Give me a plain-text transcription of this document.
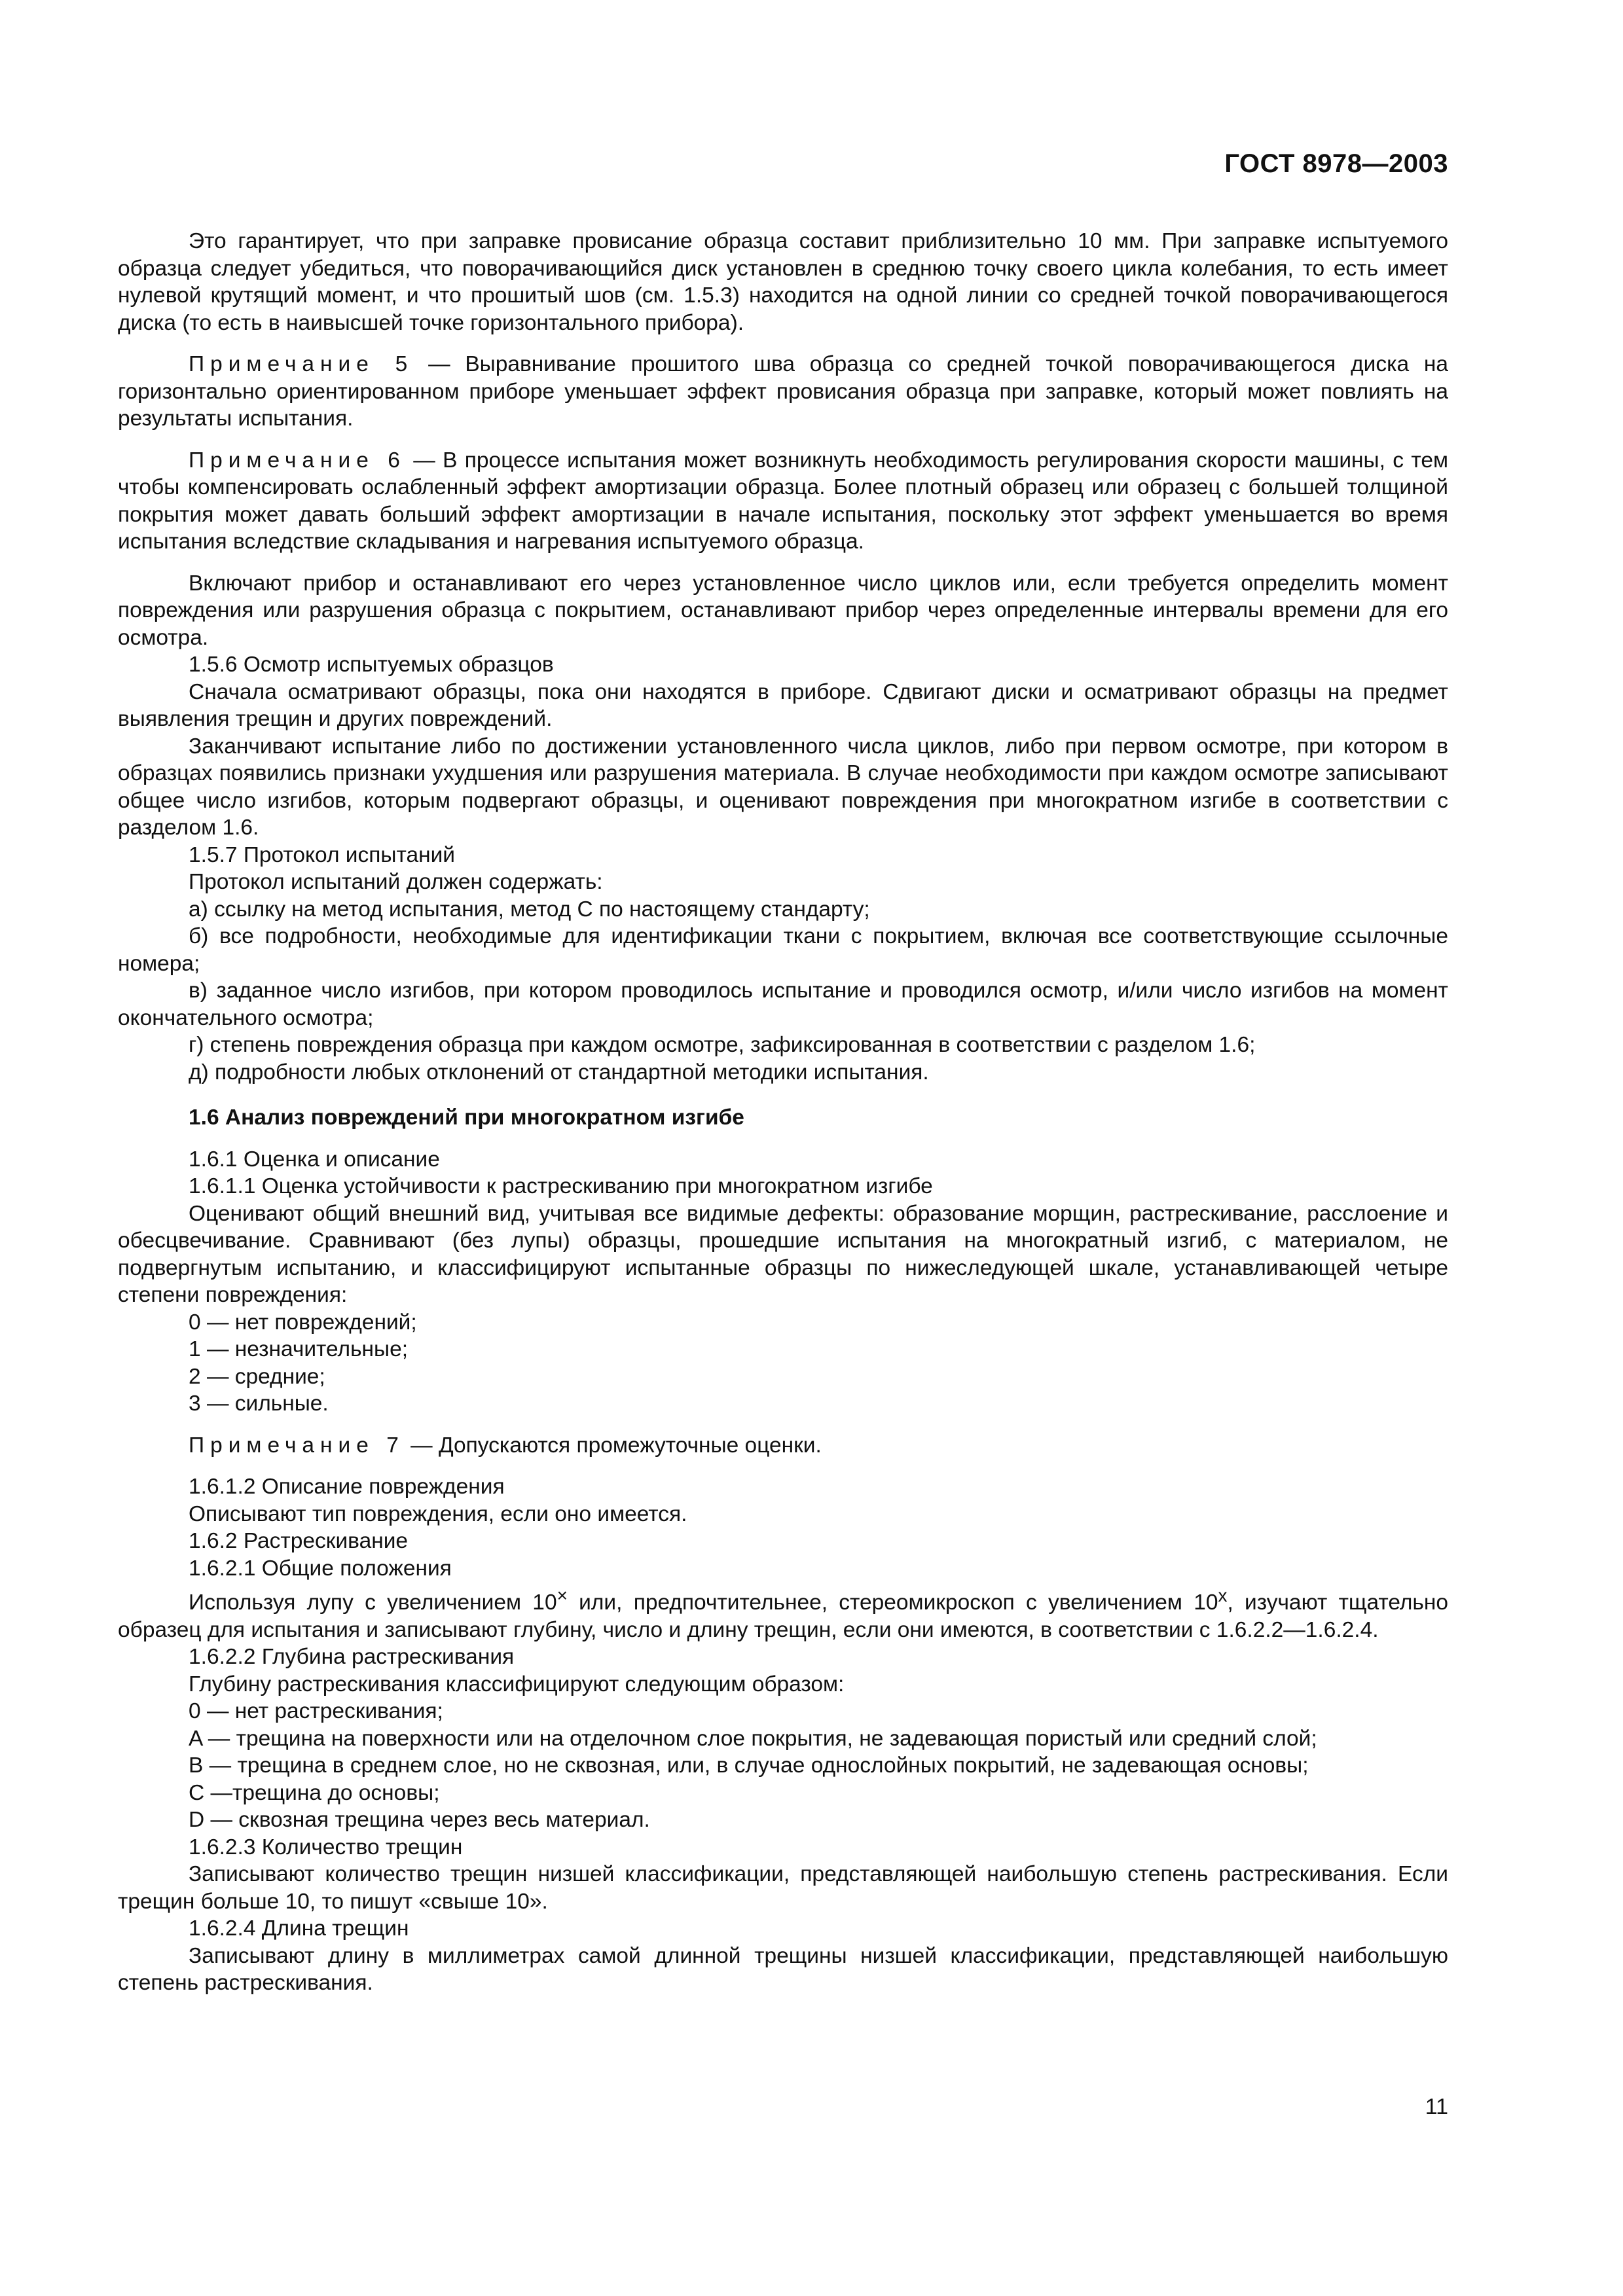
ГОСТ 8978—2003

Это гарантирует, что при заправке провисание образца составит приблизительно 10 мм. При заправке испытуемого образца следует убедиться, что поворачивающийся диск установлен в среднюю точку своего цикла колебания, то есть имеет нулевой крутящий момент, и что прошитый шов (см. 1.5.3) находится на одной линии со средней точкой поворачивающегося диска (то есть в наивысшей точке горизонтального прибора).

Примечание 5 — Выравнивание прошитого шва образца со средней точкой поворачивающегося диска на горизонтально ориентированном приборе уменьшает эффект провисания образца при заправке, который может повлиять на результаты испытания.

Примечание 6 — В процессе испытания может возникнуть необходимость регулирования скорости машины, с тем чтобы компенсировать ослабленный эффект амортизации образца. Более плотный образец или образец с большей толщиной покрытия может давать больший эффект амортизации в начале испытания, поскольку этот эффект уменьшается во время испытания вследствие складывания и нагревания испытуемого образца.

Включают прибор и останавливают его через установленное число циклов или, если требуется определить момент повреждения или разрушения образца с покрытием, останавливают прибор через определенные интервалы времени для его осмотра.

1.5.6 Осмотр испытуемых образцов

Сначала осматривают образцы, пока они находятся в приборе. Сдвигают диски и осматривают образцы на предмет выявления трещин и других повреждений.

Заканчивают испытание либо по достижении установленного числа циклов, либо при первом осмотре, при котором в образцах появились признаки ухудшения или разрушения материала. В случае необходимости при каждом осмотре записывают общее число изгибов, которым подвергают образцы, и оценивают повреждения при многократном изгибе в соответствии с разделом 1.6.

1.5.7 Протокол испытаний

Протокол испытаний должен содержать:

а) ссылку на метод испытания, метод С по настоящему стандарту;

б) все подробности, необходимые для идентификации ткани с покрытием, включая все соответствующие ссылочные номера;

в) заданное число изгибов, при котором проводилось испытание и проводился осмотр, и/или число изгибов на момент окончательного осмотра;

г) степень повреждения образца при каждом осмотре, зафиксированная в соответствии с разделом 1.6;

д) подробности любых отклонений от стандартной методики испытания.

1.6 Анализ повреждений при многократном изгибе

1.6.1 Оценка и описание

1.6.1.1 Оценка устойчивости к растрескиванию при многократном изгибе

Оценивают общий внешний вид, учитывая все видимые дефекты: образование морщин, растрескивание, расслоение и обесцвечивание. Сравнивают (без лупы) образцы, прошедшие испытания на многократный изгиб, с материалом, не подвергнутым испытанию, и классифицируют испытанные образцы по нижеследующей шкале, устанавливающей четыре степени повреждения:

0 — нет повреждений;

1 — незначительные;

2 — средние;

3 — сильные.

Примечание 7 — Допускаются промежуточные оценки.

1.6.1.2 Описание повреждения

Описывают тип повреждения, если оно имеется.

1.6.2 Растрескивание

1.6.2.1 Общие положения

Используя лупу с увеличением 10× или, предпочтительнее, стереомикроскоп с увеличением 10$^x$, изучают тщательно образец для испытания и записывают глубину, число и длину трещин, если они имеются, в соответствии с 1.6.2.2—1.6.2.4.

1.6.2.2 Глубина растрескивания

Глубину растрескивания классифицируют следующим образом:

0 — нет растрескивания;

A — трещина на поверхности или на отделочном слое покрытия, не задевающая пористый или средний слой;

B — трещина в среднем слое, но не сквозная, или, в случае однослойных покрытий, не задевающая основы;

C —трещина до основы;

D — сквозная трещина через весь материал.

1.6.2.3 Количество трещин

Записывают количество трещин низшей классификации, представляющей наибольшую степень растрескивания. Если трещин больше 10, то пишут «свыше 10».

1.6.2.4 Длина трещин

Записывают длину в миллиметрах самой длинной трещины низшей классификации, представляющей наибольшую степень растрескивания.

11
